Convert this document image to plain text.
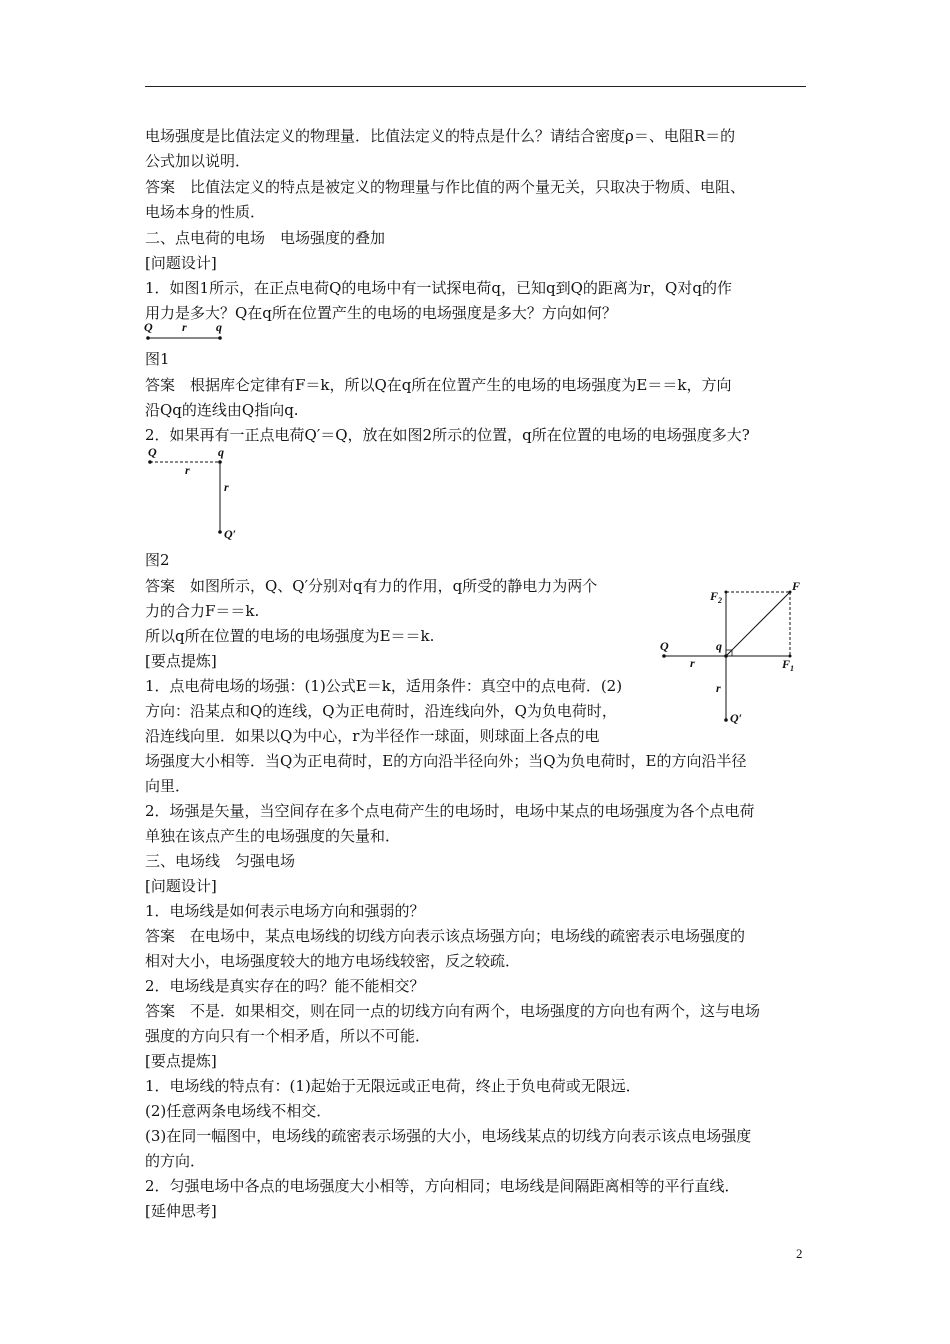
电场强度是比值法定义的物理量．比值法定义的特点是什么？请结合密度ρ＝、电阻R＝的
公式加以说明．
答案　比值法定义的特点是被定义的物理量与作比值的两个量无关，只取决于物质、电阻、
电场本身的性质．
二、点电荷的电场　电场强度的叠加
[问题设计]
1．如图1所示，在正点电荷Q的电场中有一试探电荷q，已知q到Q的距离为r，Q对q的作
用力是多大？Q在q所在位置产生的电场的电场强度是多大？方向如何？
图1
答案　根据库仑定律有F＝k，所以Q在q所在位置产生的电场的电场强度为E＝＝k，方向
沿Qq的连线由Q指向q.
2．如果再有一正点电荷Q′＝Q，放在如图2所示的位置，q所在位置的电场的电场强度多大?
图2
答案　如图所示，Q、Q′分别对q有力的作用，q所受的静电力为两个
力的合力F＝＝k.
所以q所在位置的电场的电场强度为E＝＝k.
[要点提炼]
1．点电荷电场的场强：(1)公式E＝k，适用条件：真空中的点电荷．(2)
方向：沿某点和Q的连线，Q为正电荷时，沿连线向外，Q为负电荷时，
沿连线向里．如果以Q为中心，r为半径作一球面，则球面上各点的电
场强度大小相等．当Q为正电荷时，E的方向沿半径向外；当Q为负电荷时，E的方向沿半径
向里．
2．场强是矢量，当空间存在多个点电荷产生的电场时，电场中某点的电场强度为各个点电荷
单独在该点产生的电场强度的矢量和．
三、电场线　匀强电场
[问题设计]
1．电场线是如何表示电场方向和强弱的？
答案　在电场中，某点电场线的切线方向表示该点场强方向；电场线的疏密表示电场强度的
相对大小，电场强度较大的地方电场线较密，反之较疏．
2．电场线是真实存在的吗？能不能相交？
答案　不是．如果相交，则在同一点的切线方向有两个，电场强度的方向也有两个，这与电场
强度的方向只有一个相矛盾，所以不可能．
[要点提炼]
1．电场线的特点有：(1)起始于无限远或正电荷，终止于负电荷或无限远．
(2)任意两条电场线不相交．
(3)在同一幅图中，电场线的疏密表示场强的大小，电场线某点的切线方向表示该点电场强度
的方向．
2．匀强电场中各点的电场强度大小相等，方向相同；电场线是间隔距离相等的平行直线．
[延伸思考]
Q r q
Q
r
q
r
Q′
$F_2$
F
Q	q
r	$F_1$
r
Q′
2
